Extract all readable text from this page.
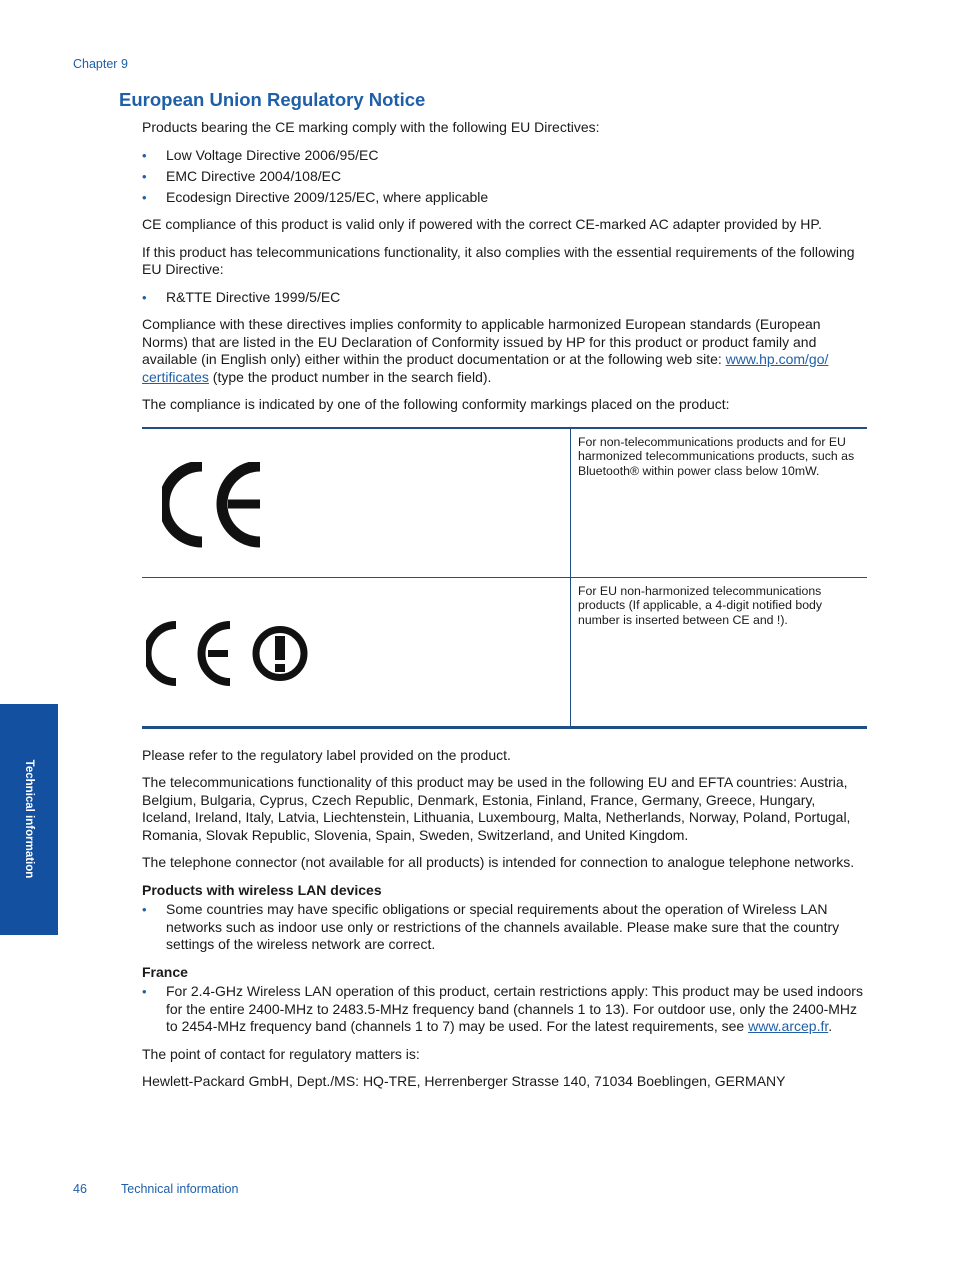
Chapter 9
European Union Regulatory Notice

Products bearing the CE marking comply with the following EU Directives:

• Low Voltage Directive 2006/95/EC
• EMC Directive 2004/108/EC
• Ecodesign Directive 2009/125/EC, where applicable

CE compliance of this product is valid only if powered with the correct CE-marked AC adapter provided by HP.

If this product has telecommunications functionality, it also complies with the essential requirements of the following EU Directive:

• R&TTE Directive 1999/5/EC

Compliance with these directives implies conformity to applicable harmonized European standards (European Norms) that are listed in the EU Declaration of Conformity issued by HP for this product or product family and available (in English only) either within the product documentation or at the following web site: www.hp.com/go/
certificates (type the product number in the search field).

The compliance is indicated by one of the following conformity markings placed on the product:

	For non-telecommunications products and for EU harmonized telecommunications products, such as Bluetooth® within power class below 10mW.

	For EU non-harmonized telecommunications products (If applicable, a 4-digit notified body number is inserted between CE and !).

Please refer to the regulatory label provided on the product.

The telecommunications functionality of this product may be used in the following EU and EFTA countries: Austria, Belgium, Bulgaria, Cyprus, Czech Republic, Denmark, Estonia, Finland, France, Germany, Greece, Hungary, Iceland, Ireland, Italy, Latvia, Liechtenstein, Lithuania, Luxembourg, Malta, Netherlands, Norway, Poland, Portugal, Romania, Slovak Republic, Slovenia, Spain, Sweden, Switzerland, and United Kingdom.

The telephone connector (not available for all products) is intended for connection to analogue telephone networks.

Products with wireless LAN devices
• Some countries may have specific obligations or special requirements about the operation of Wireless LAN networks such as indoor use only or restrictions of the channels available. Please make sure that the country settings of the wireless network are correct.
France
• For 2.4-GHz Wireless LAN operation of this product, certain restrictions apply: This product may be used indoors for the entire 2400-MHz to 2483.5-MHz frequency band (channels 1 to 13). For outdoor use, only the 2400-MHz to 2454-MHz frequency band (channels 1 to 7) may be used. For the latest requirements, see www.arcep.fr.

The point of contact for regulatory matters is:

Hewlett-Packard GmbH, Dept./MS: HQ-TRE, Herrenberger Strasse 140, 71034 Boeblingen, GERMANY

Technical information
46	Technical information
